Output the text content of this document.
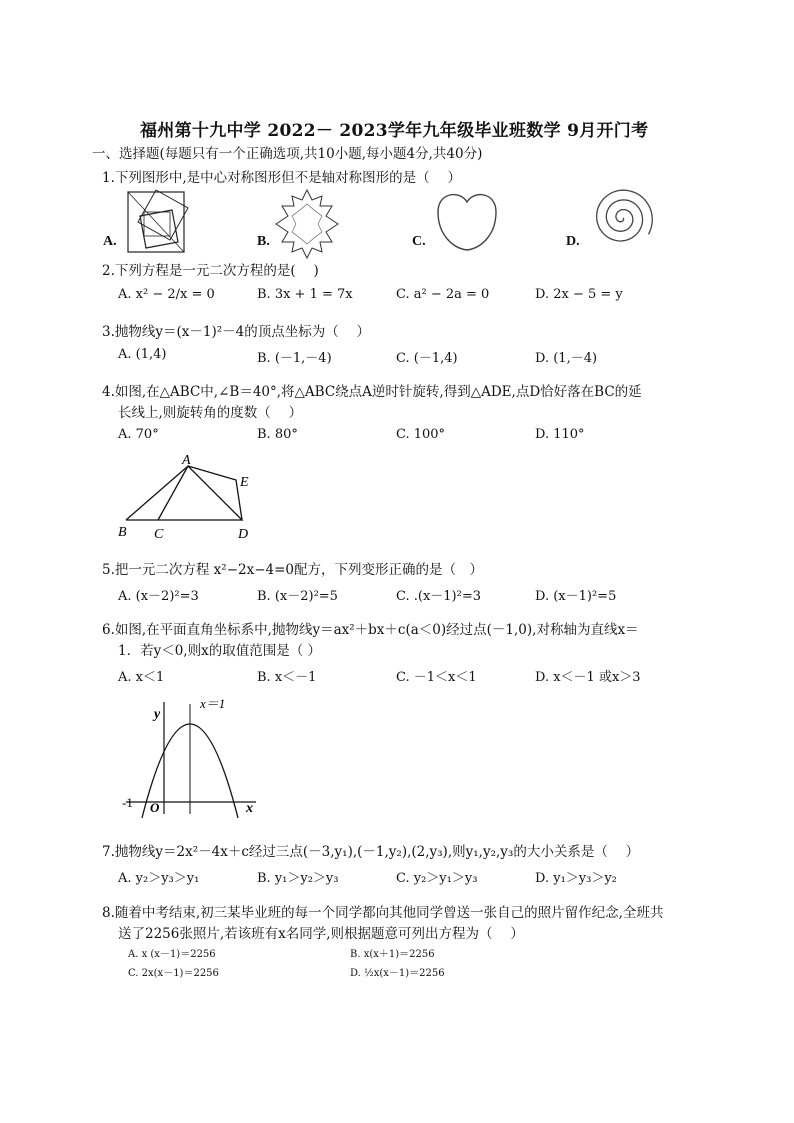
福州第十九中学 2022－ 2023学年九年级毕业班数学 9月开门考
一、选择题(每题只有一个正确选项,共10小题,每小题4分,共40分)
1.下列图形中,是中心对称图形但不是轴对称图形的是（　 ）
A.	B.	C.	D.
2.下列方程是一元二次方程的是(　 )
A. x² − 2/x = 0	B. 3x + 1 = 7x	C. a² − 2a = 0	D. 2x − 5 = y
3.抛物线y＝(x－1)²－4的顶点坐标为（　 ）
A. (1,4)	B. (－1,－4)	C. (－1,4)	D. (1,－4)
4.如图,在△ABC中,∠B＝40°,将△ABC绕点A逆时针旋转,得到△ADE,点D恰好落在BC的延
长线上,则旋转角的度数（　 ）
A. 70°	B. 80°	C. 100°	D. 110°
A
E
B C	D
5.把一元二次方程 x²−2x−4=0配方，下列变形正确的是（　）
A. (x－2)²=3	B. (x－2)²=5	C. .(x－1)²=3	D. (x－1)²=5
6.如图,在平面直角坐标系中,抛物线y＝ax²＋bx＋c(a＜0)经过点(－1,0),对称轴为直线x＝
1．若y＜0,则x的取值范围是（ ）
A. x＜1	B. x＜－1	C. －1＜x＜1	D. x＜－1 或x＞3
y
x＝1
-1 O	x
7.抛物线y＝2x²－4x＋c经过三点(－3,y₁),(－1,y₂),(2,y₃),则y₁,y₂,y₃的大小关系是（　 ）
A. y₂＞y₃＞y₁	B. y₁＞y₂＞y₃	C. y₂＞y₁＞y₃	D. y₁＞y₃＞y₂
8.随着中考结束,初三某毕业班的每一个同学都向其他同学曾送一张自己的照片留作纪念,全班共
送了2256张照片,若该班有x名同学,则根据题意可列出方程为（　 ）
A. x (x－1)＝2256	B. x(x＋1)＝2256
C. 2x(x－1)＝2256	D. ½x(x－1)＝2256
